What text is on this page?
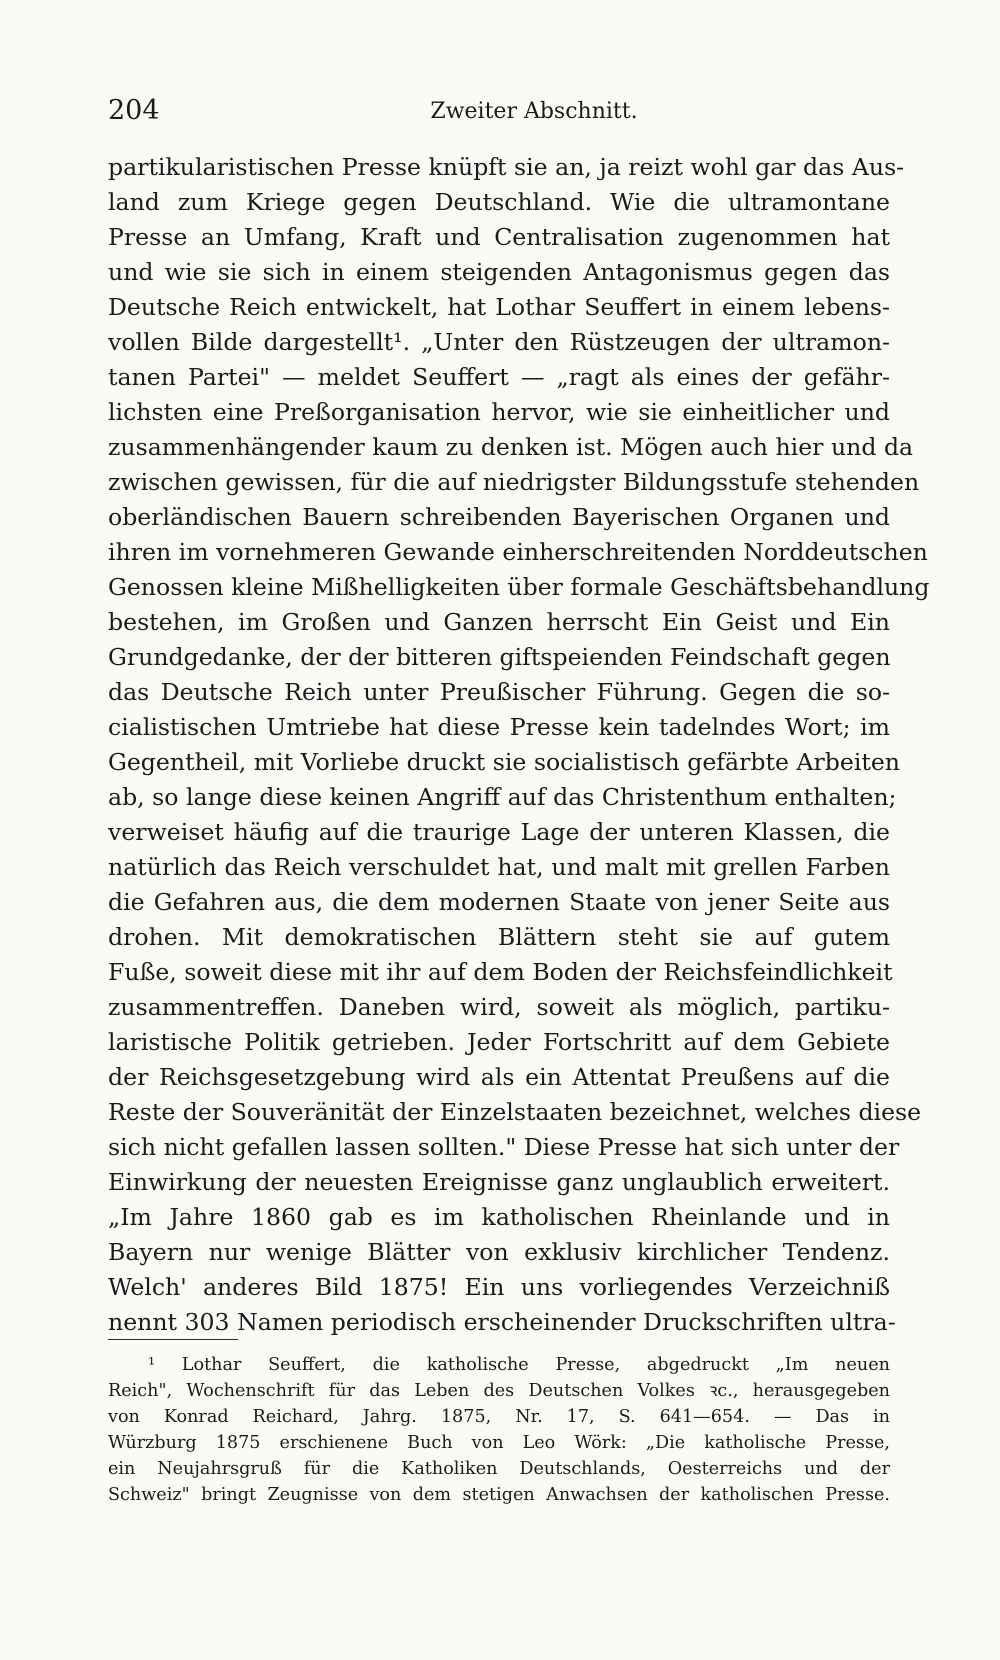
204	Zweiter Abschnitt.
partikularistischen Presse knüpft sie an, ja reizt wohl gar das Aus-
land zum Kriege gegen Deutschland. Wie die ultramontane
Presse an Umfang, Kraft und Centralisation zugenommen hat
und wie sie sich in einem steigenden Antagonismus gegen das
Deutsche Reich entwickelt, hat Lothar Seuffert in einem lebens-
vollen Bilde dargestellt¹. „Unter den Rüstzeugen der ultramon-
tanen Partei" — meldet Seuffert — „ragt als eines der gefähr-
lichsten eine Preßorganisation hervor, wie sie einheitlicher und
zusammenhängender kaum zu denken ist. Mögen auch hier und da
zwischen gewissen, für die auf niedrigster Bildungsstufe stehenden
oberländischen Bauern schreibenden Bayerischen Organen und
ihren im vornehmeren Gewande einherschreitenden Norddeutschen
Genossen kleine Mißhelligkeiten über formale Geschäftsbehandlung
bestehen, im Großen und Ganzen herrscht Ein Geist und Ein
Grundgedanke, der der bitteren giftspeienden Feindschaft gegen
das Deutsche Reich unter Preußischer Führung. Gegen die so-
cialistischen Umtriebe hat diese Presse kein tadelndes Wort; im
Gegentheil, mit Vorliebe druckt sie socialistisch gefärbte Arbeiten
ab, so lange diese keinen Angriff auf das Christenthum enthalten;
verweiset häufig auf die traurige Lage der unteren Klassen, die
natürlich das Reich verschuldet hat, und malt mit grellen Farben
die Gefahren aus, die dem modernen Staate von jener Seite aus
drohen. Mit demokratischen Blättern steht sie auf gutem
Fuße, soweit diese mit ihr auf dem Boden der Reichsfeindlichkeit
zusammentreffen. Daneben wird, soweit als möglich, partiku-
laristische Politik getrieben. Jeder Fortschritt auf dem Gebiete
der Reichsgesetzgebung wird als ein Attentat Preußens auf die
Reste der Souveränität der Einzelstaaten bezeichnet, welches diese
sich nicht gefallen lassen sollten." Diese Presse hat sich unter der
Einwirkung der neuesten Ereignisse ganz unglaublich erweitert.
„Im Jahre 1860 gab es im katholischen Rheinlande und in
Bayern nur wenige Blätter von exklusiv kirchlicher Tendenz.
Welch' anderes Bild 1875! Ein uns vorliegendes Verzeichniß
nennt 303 Namen periodisch erscheinender Druckschriften ultra-
¹ Lothar Seuffert, die katholische Presse, abgedruckt „Im neuen
Reich", Wochenschrift für das Leben des Deutschen Volkes ꝛc., herausgegeben
von Konrad Reichard, Jahrg. 1875, Nr. 17, S. 641—654. — Das in
Würzburg 1875 erschienene Buch von Leo Wörk: „Die katholische Presse,
ein Neujahrsgruß für die Katholiken Deutschlands, Oesterreichs und der
Schweiz" bringt Zeugnisse von dem stetigen Anwachsen der katholischen Presse.
